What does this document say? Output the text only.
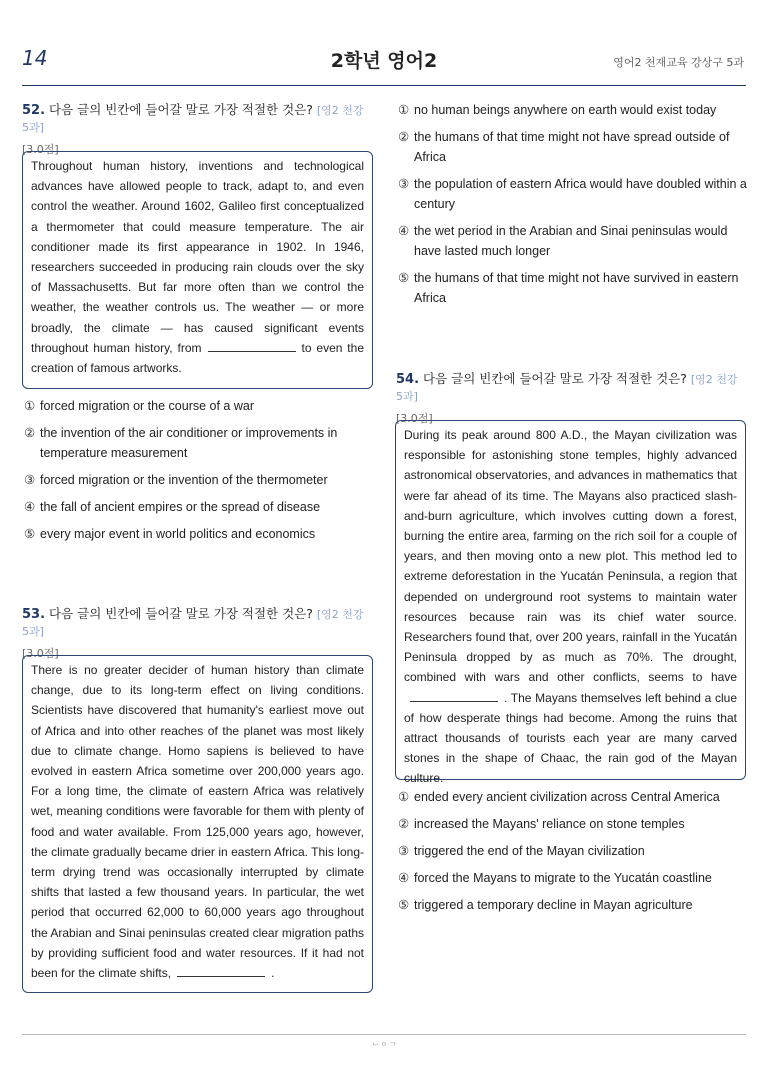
14	2학년 영어2	영어2 천재교육 강상구 5과
52. 다음 글의 빈칸에 들어갈 말로 가장 적절한 것은? [영2 천강 5과]
[3.0점]
Throughout human history, inventions and technological advances have allowed people to track, adapt to, and even control the weather. Around 1602, Galileo first conceptualized a thermometer that could measure temperature. The air conditioner made its first appearance in 1902. In 1946, researchers succeeded in producing rain clouds over the sky of Massachusetts. But far more often than we control the weather, the weather controls us. The weather — or more broadly, the climate — has caused significant events throughout human history, from	to even the creation of famous artworks.
① forced migration or the course of a war
② the invention of the air conditioner or improvements in temperature measurement
③ forced migration or the invention of the thermometer
④ the fall of ancient empires or the spread of disease
⑤ every major event in world politics and economics
53. 다음 글의 빈칸에 들어갈 말로 가장 적절한 것은? [영2 천강 5과]
[3.0점]
There is no greater decider of human history than climate change, due to its long-term effect on living conditions. Scientists have discovered that humanity's earliest move out of Africa and into other reaches of the planet was most likely due to climate change. Homo sapiens is believed to have evolved in eastern Africa sometime over 200,000 years ago. For a long time, the climate of eastern Africa was relatively wet, meaning conditions were favorable for them with plenty of food and water available. From 125,000 years ago, however, the climate gradually became drier in eastern Africa. This long-term drying trend was occasionally interrupted by climate shifts that lasted a few thousand years. In particular, the wet period that occurred 62,000 to 60,000 years ago throughout the Arabian and Sinai peninsulas created clear migration paths by providing sufficient food and water resources. If it had not been for the climate shifts,	.
① no human beings anywhere on earth would exist today
② the humans of that time might not have spread outside of Africa
③ the population of eastern Africa would have doubled within a century
④ the wet period in the Arabian and Sinai peninsulas would have lasted much longer
⑤ the humans of that time might not have survived in eastern Africa
54. 다음 글의 빈칸에 들어갈 말로 가장 적절한 것은? [영2 천강 5과]
[3.0점]
During its peak around 800 A.D., the Mayan civilization was responsible for astonishing stone temples, highly advanced astronomical observatories, and advances in mathematics that were far ahead of its time. The Mayans also practiced slash-and-burn agriculture, which involves cutting down a forest, burning the entire area, farming on the rich soil for a couple of years, and then moving onto a new plot. This method led to extreme deforestation in the Yucatán Peninsula, a region that depended on underground root systems to maintain water resources because rain was its chief water source. Researchers found that, over 200 years, rainfall in the Yucatán Peninsula dropped by as much as 70%. The drought, combined with wars and other conflicts, seems to have. The Mayans themselves left behind a clue of how desperate things had become. Among the ruins that attract thousands of tourists each year are many carved stones in the shape of Chaac, the rain god of the Mayan culture.
① ended every ancient civilization across Central America
② increased the Mayans' reliance on stone temples
③ triggered the end of the Mayan civilization
④ forced the Mayans to migrate to the Yucatán coastline
⑤ triggered a temporary decline in Mayan agriculture
ᄂᄋᄀ
